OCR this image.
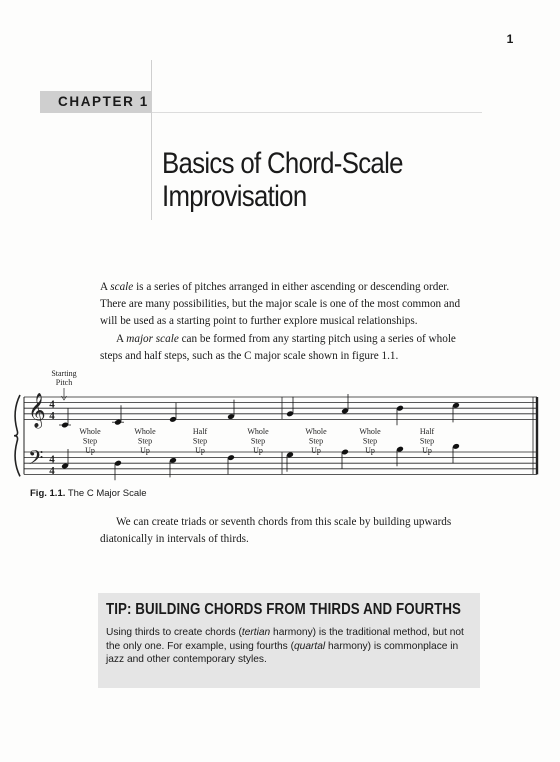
1
CHAPTER 1
Basics of Chord-Scale
Improvisation

A scale is a series of pitches arranged in either ascending or descending order.
There are many possibilities, but the major scale is one of the most common and
will be used as a starting point to further explore musical relationships.

A major scale can be formed from any starting pitch using a series of whole
steps and half steps, such as the C major scale shown in figure 1.1.

𝄞
𝄢
4
4
4
4
Starting
Pitch
Whole
Step
Up
Whole
Step
Up
Half
Step
Up
Whole
Step
Up
Whole
Step
Up
Whole
Step
Up
Half
Step
Up
Fig. 1.1. The C Major Scale

We can create triads or seventh chords from this scale by building upwards
diatonically in intervals of thirds.

TIP: BUILDING CHORDS FROM THIRDS AND FOURTHS

Using thirds to create chords (tertian harmony) is the traditional method, but not
the only one. For example, using fourths (quartal harmony) is commonplace in
jazz and other contemporary styles.
